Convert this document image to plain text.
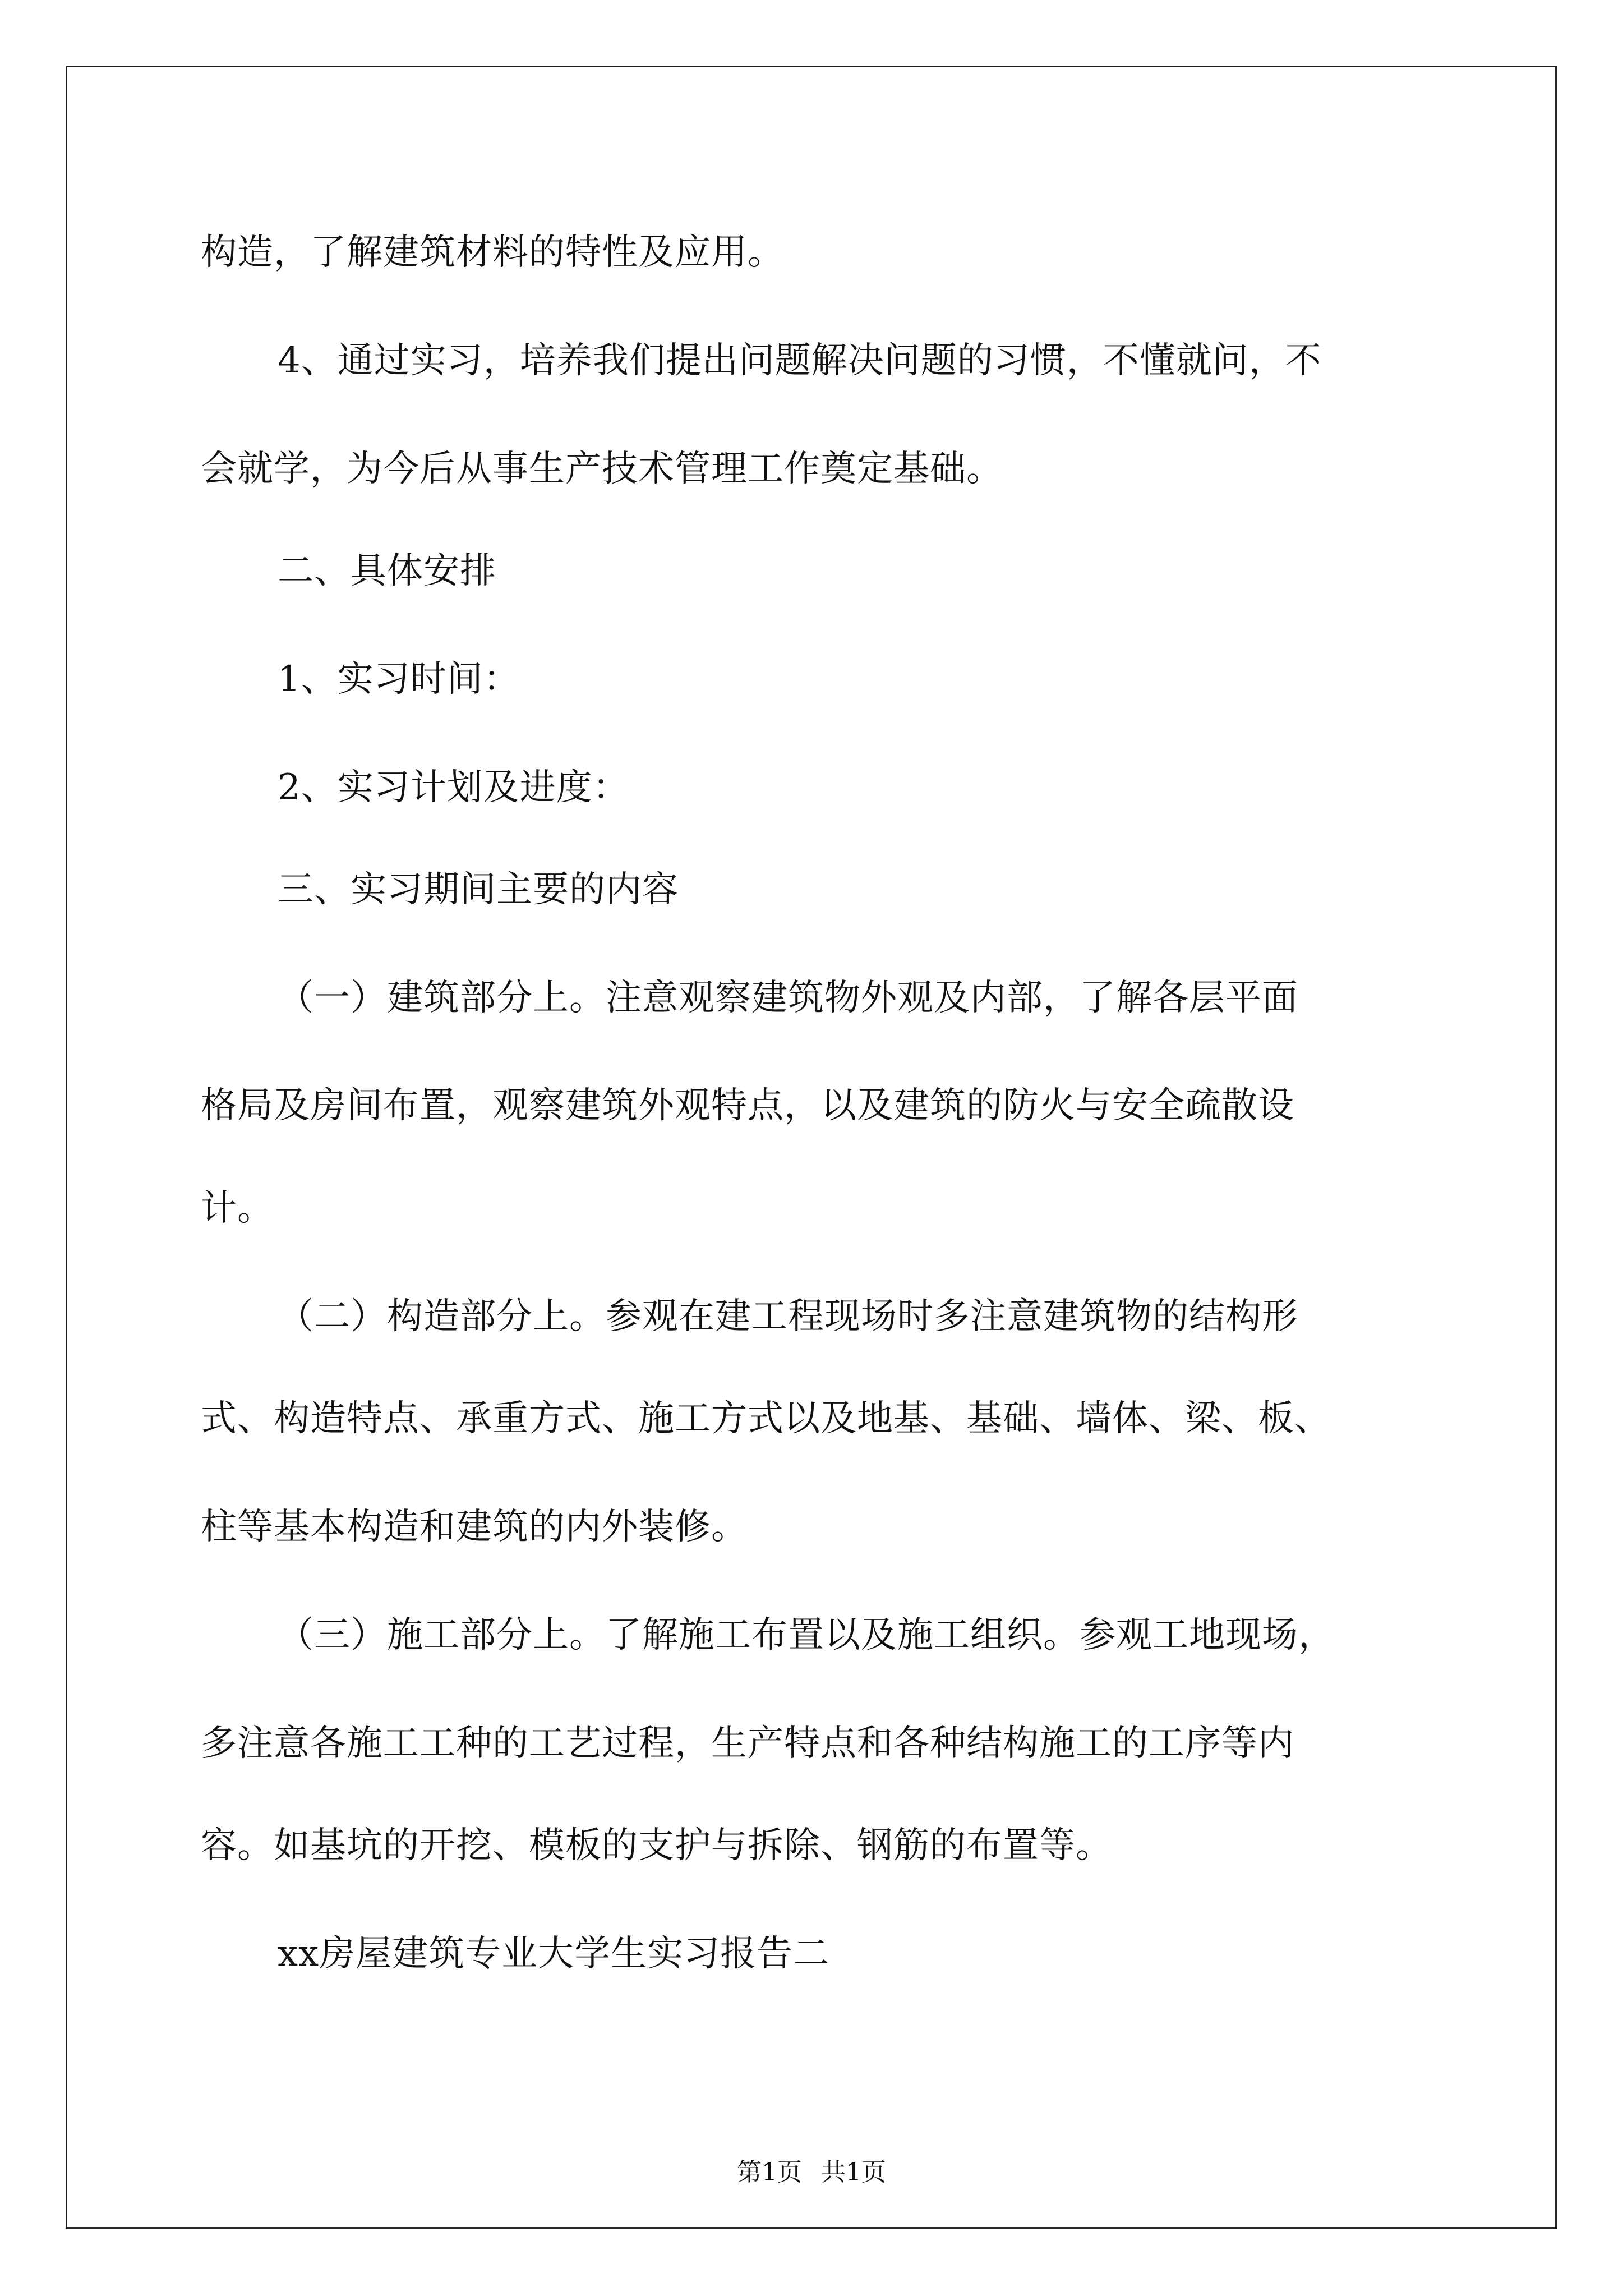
构造，了解建筑材料的特性及应用。
4、通过实习，培养我们提出问题解决问题的习惯，不懂就问，不
会就学，为今后从事生产技术管理工作奠定基础。
二、具体安排
1、实习时间：
2、实习计划及进度：
三、实习期间主要的内容
（一）建筑部分上。注意观察建筑物外观及内部，了解各层平面
格局及房间布置，观察建筑外观特点，以及建筑的防火与安全疏散设
计。
（二）构造部分上。参观在建工程现场时多注意建筑物的结构形
式、构造特点、承重方式、施工方式以及地基、基础、墙体、梁、板、
柱等基本构造和建筑的内外装修。
（三）施工部分上。了解施工布置以及施工组织。参观工地现场，
多注意各施工工种的工艺过程，生产特点和各种结构施工的工序等内
容。如基坑的开挖、模板的支护与拆除、钢筋的布置等。
xx房屋建筑专业大学生实习报告二
第1页 共1页
